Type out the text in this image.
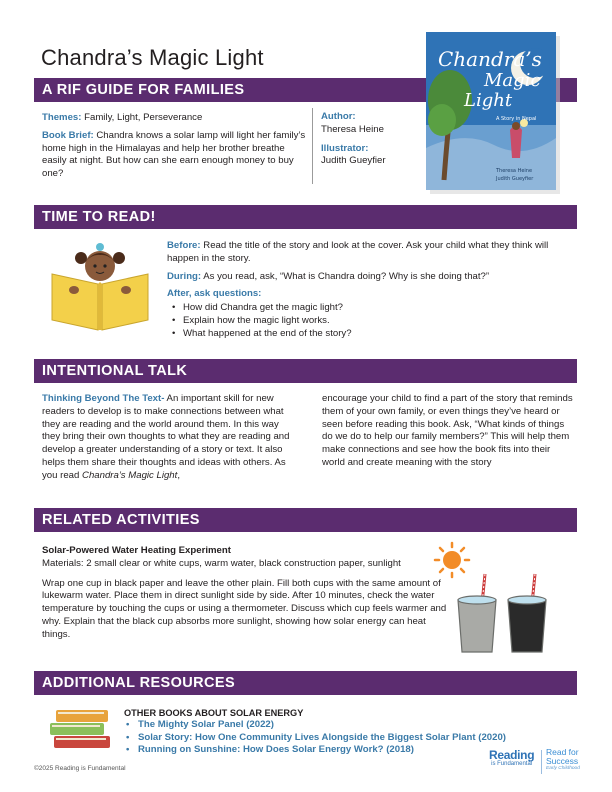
Chandra’s Magic Light
A RIF GUIDE FOR FAMILIES
Themes: Family, Light, Perseverance
Book Brief: Chandra knows a solar lamp will light her family’s home high in the Himalayas and help her brother breathe easily at night. But how can she earn enough money to buy one?
Author:
Theresa Heine
Illustrator:
Judith Gueyfier
Chandra’s
Magic
Light
A Story in Nepal
Theresa Heine
Judith Gueyfier
TIME TO READ!
Before: Read the title of the story and look at the cover. Ask your child what they think will happen in the story.
During: As you read, ask, “What is Chandra doing? Why is she doing that?”
After, ask questions:
• How did Chandra get the magic light?
• Explain how the magic light works.
• What happened at the end of the story?
INTENTIONAL TALK
Thinking Beyond The Text- An important skill for new readers to develop is to make connections between what they are reading and the world around them. In this way they bring their own thoughts to what they are reading and develop a greater understanding of a story or text. It also helps them share their thoughts and ideas with others. As you read Chandra’s Magic Light,
encourage your child to find a part of the story that reminds them of your own family, or even things they’ve heard or seen before reading this book. Ask, “What kinds of things do we do to help our family members?” This will help them make connections and see how the book fits into their world and create meaning with the story
RELATED ACTIVITIES
Solar-Powered Water Heating Experiment
Materials: 2 small clear or white cups, warm water, black construction paper, sunlight
Wrap one cup in black paper and leave the other plain. Fill both cups with the same amount of lukewarm water. Place them in direct sunlight side by side. After 10 minutes, check the water temperature by touching the cups or using a thermometer. Discuss which cup feels warmer and why. Explain that the black cup absorbs more sunlight, showing how solar energy can heat things.
ADDITIONAL RESOURCES
OTHER BOOKS ABOUT SOLAR ENERGY
• The Mighty Solar Panel (2022)
• Solar Story: How One Community Lives Alongside the Biggest Solar Plant (2020)
• Running on Sunshine: How Does Solar Energy Work? (2018)
©2025 Reading is Fundamental
Reading
is Fundamental
Read for
Success
Early Childhood
